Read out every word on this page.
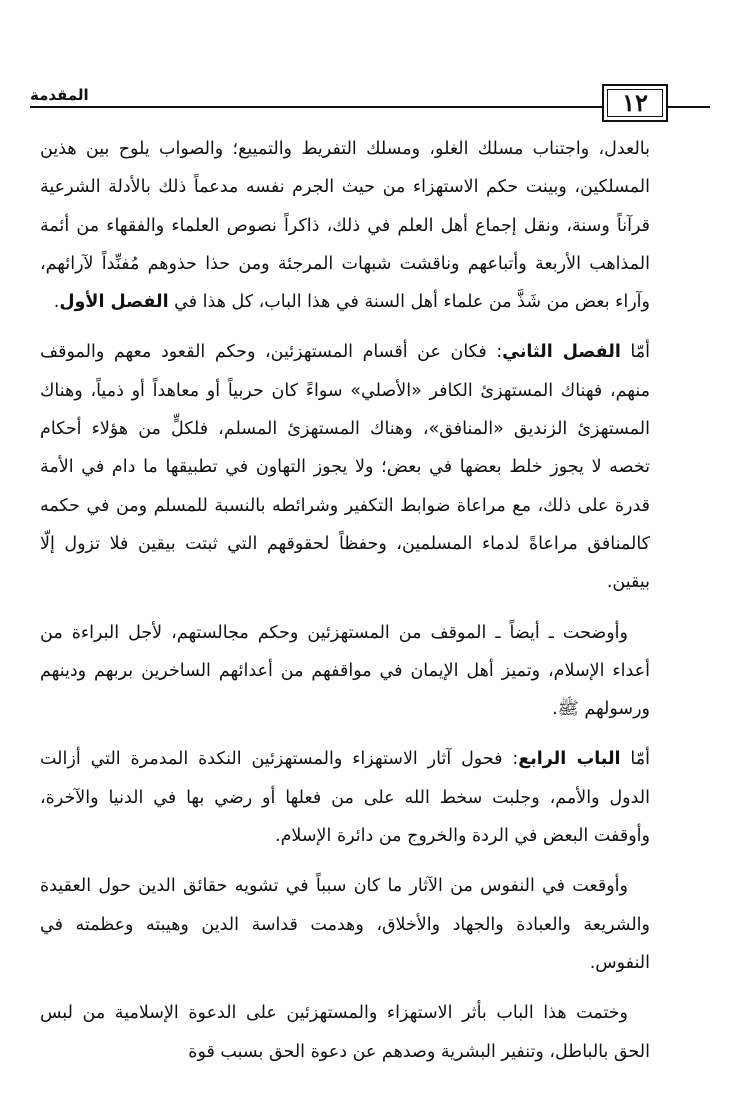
١٢
المقدمة

بالعدل، واجتناب مسلك الغلو، ومسلك التفريط والتمييع؛ والصواب يلوح بين هذين المسلكين، وبينت حكم الاستهزاء من حيث الجرم نفسه مدعماً ذلك بالأدلة الشرعية قرآناً وسنة، ونقل إجماع أهل العلم في ذلك، ذاكراً نصوص العلماء والفقهاء من أئمة المذاهب الأربعة وأتباعهم وناقشت شبهات المرجئة ومن حذا حذوهم مُفنِّداً لآرائهم، وآراء بعض من شَذَّ من علماء أهل السنة في هذا الباب، كل هذا في الفصل الأول.

أمّا الفصل الثاني: فكان عن أقسام المستهزئين، وحكم القعود معهم والموقف منهم، فهناك المستهزئ الكافر «الأصلي» سواءً كان حربياً أو معاهداً أو ذمياً، وهناك المستهزئ الزنديق «المنافق»، وهناك المستهزئ المسلم، فلكلٍّ من هؤلاء أحكام تخصه لا يجوز خلط بعضها في بعض؛ ولا يجوز التهاون في تطبيقها ما دام في الأمة قدرة على ذلك، مع مراعاة ضوابط التكفير وشرائطه بالنسبة للمسلم ومن في حكمه كالمنافق مراعاةً لدماء المسلمين، وحفظاً لحقوقهم التي ثبتت بيقين فلا تزول إلّا بيقين.

وأوضحت ـ أيضاً ـ الموقف من المستهزئين وحكم مجالستهم، لأجل البراءة من أعداء الإسلام، وتميز أهل الإيمان في مواقفهم من أعدائهم الساخرين بربهم ودينهم ورسولهم ﷺ.

أمّا الباب الرابع: فحول آثار الاستهزاء والمستهزئين النكدة المدمرة التي أزالت الدول والأمم، وجلبت سخط الله على من فعلها أو رضي بها في الدنيا والآخرة، وأوقفت البعض في الردة والخروج من دائرة الإسلام.

وأوقعت في النفوس من الآثار ما كان سبباً في تشويه حقائق الدين حول العقيدة والشريعة والعبادة والجهاد والأخلاق، وهدمت قداسة الدين وهيبته وعظمته في النفوس.

وختمت هذا الباب بأثر الاستهزاء والمستهزئين على الدعوة الإسلامية من لبس الحق بالباطل، وتنفير البشرية وصدهم عن دعوة الحق بسبب قوة
